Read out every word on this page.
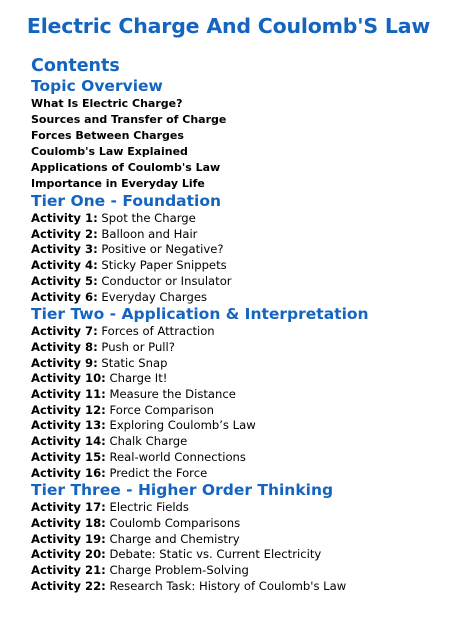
Electric Charge And Coulomb'S Law
Contents
Topic Overview
What Is Electric Charge?
Sources and Transfer of Charge
Forces Between Charges
Coulomb's Law Explained
Applications of Coulomb's Law
Importance in Everyday Life
Tier One - Foundation
Activity 1: Spot the Charge
Activity 2: Balloon and Hair
Activity 3: Positive or Negative?
Activity 4: Sticky Paper Snippets
Activity 5: Conductor or Insulator
Activity 6: Everyday Charges
Tier Two - Application & Interpretation
Activity 7: Forces of Attraction
Activity 8: Push or Pull?
Activity 9: Static Snap
Activity 10: Charge It!
Activity 11: Measure the Distance
Activity 12: Force Comparison
Activity 13: Exploring Coulomb’s Law
Activity 14: Chalk Charge
Activity 15: Real-world Connections
Activity 16: Predict the Force
Tier Three - Higher Order Thinking
Activity 17: Electric Fields
Activity 18: Coulomb Comparisons
Activity 19: Charge and Chemistry
Activity 20: Debate: Static vs. Current Electricity
Activity 21: Charge Problem-Solving
Activity 22: Research Task: History of Coulomb's Law
